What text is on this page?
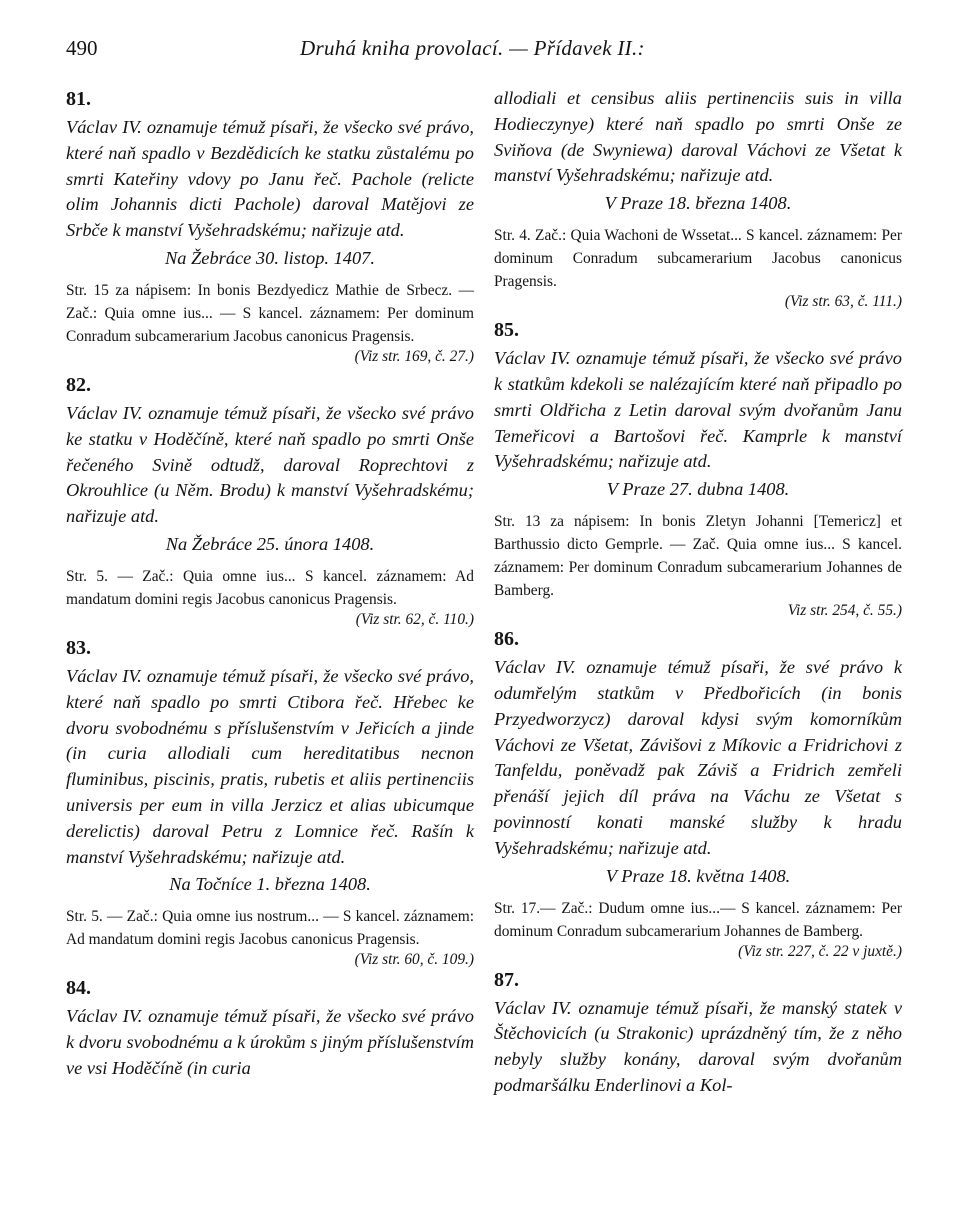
490	Druhá kniha provolací. — Přídavek II.:

81.

Václav IV. oznamuje témuž písaři, že všecko své právo, které naň spadlo v Bezdědicích ke statku zůstalému po smrti Kateřiny vdovy po Janu řeč. Pachole (relicte olim Johannis dicti Pachole) daroval Matějovi ze Srbče k manství Vyšehradskému; nařizuje atd.

Na Žebráce 30. listop. 1407.

Str. 15 za nápisem: In bonis Bezdyedicz Mathie de Srbecz. — Zač.: Quia omne ius... — S kancel. záznamem: Per dominum Conradum subcamerarium Jacobus canonicus Pragensis.

(Viz str. 169, č. 27.)

82.

Václav IV. oznamuje témuž písaři, že všecko své právo ke statku v Hoděčíně, které naň spadlo po smrti Onše řečeného Svině odtudž, daroval Roprechtovi z Okrouhlice (u Něm. Brodu) k manství Vyšehradskému; nařizuje atd.

Na Žebráce 25. února 1408.

Str. 5. — Zač.: Quia omne ius... S kancel. záznamem: Ad mandatum domini regis Jacobus canonicus Pragensis.

(Viz str. 62, č. 110.)

83.

Václav IV. oznamuje témuž písaři, že všecko své právo, které naň spadlo po smrti Ctibora řeč. Hřebec ke dvoru svobodnému s příslušenstvím v Jeřicích a jinde (in curia allodiali cum hereditatibus necnon fluminibus, piscinis, pratis, rubetis et aliis pertinenciis universis per eum in villa Jerzicz et alias ubicumque derelictis) daroval Petru z Lomnice řeč. Rašín k manství Vyšehradskému; nařizuje atd.

Na Točníce 1. března 1408.

Str. 5. — Zač.: Quia omne ius nostrum... — S kancel. záznamem: Ad mandatum domini regis Jacobus canonicus Pragensis.

(Viz str. 60, č. 109.)

84.

Václav IV. oznamuje témuž písaři, že všecko své právo k dvoru svobodnému a k úrokům s jiným příslušenstvím ve vsi Hoděčíně (in curia

allodiali et censibus aliis pertinenciis suis in villa Hodieczynye) které naň spadlo po smrti Onše ze Sviňova (de Swyniewa) daroval Váchovi ze Všetat k manství Vyšehradskému; nařizuje atd.

V Praze 18. března 1408.

Str. 4. Zač.: Quia Wachoni de Wssetat... S kancel. záznamem: Per dominum Conradum subcamerarium Jacobus canonicus Pragensis.

(Viz str. 63, č. 111.)

85.

Václav IV. oznamuje témuž písaři, že všecko své právo k statkům kdekoli se nalézajícím které naň připadlo po smrti Oldřicha z Letin daroval svým dvořanům Janu Temeřicovi a Bartošovi řeč. Kamprle k manství Vyšehradskému; nařizuje atd.

V Praze 27. dubna 1408.

Str. 13 za nápisem: In bonis Zletyn Johanni [Temericz] et Barthussio dicto Gemprle. — Zač. Quia omne ius... S kancel. záznamem: Per dominum Conradum subcamerarium Johannes de Bamberg.

Viz str. 254, č. 55.)

86.

Václav IV. oznamuje témuž písaři, že své právo k odumřelým statkům v Předbořicích (in bonis Przyedworzycz) daroval kdysi svým komorníkům Váchovi ze Všetat, Závišovi z Míkovic a Fridrichovi z Tanfeldu, poněvadž pak Záviš a Fridrich zemřeli přenáší jejich díl práva na Váchu ze Všetat s povinností konati manské služby k hradu Vyšehradskému; nařizuje atd.

V Praze 18. května 1408.

Str. 17.— Zač.: Dudum omne ius...— S kancel. záznamem: Per dominum Conradum subcamerarium Johannes de Bamberg.

(Viz str. 227, č. 22 v juxtě.)

87.

Václav IV. oznamuje témuž písaři, že manský statek v Štěchovicích (u Strakonic) uprázdněný tím, že z něho nebyly služby konány, daroval svým dvořanům podmaršálku Enderlinovi a Kol-
